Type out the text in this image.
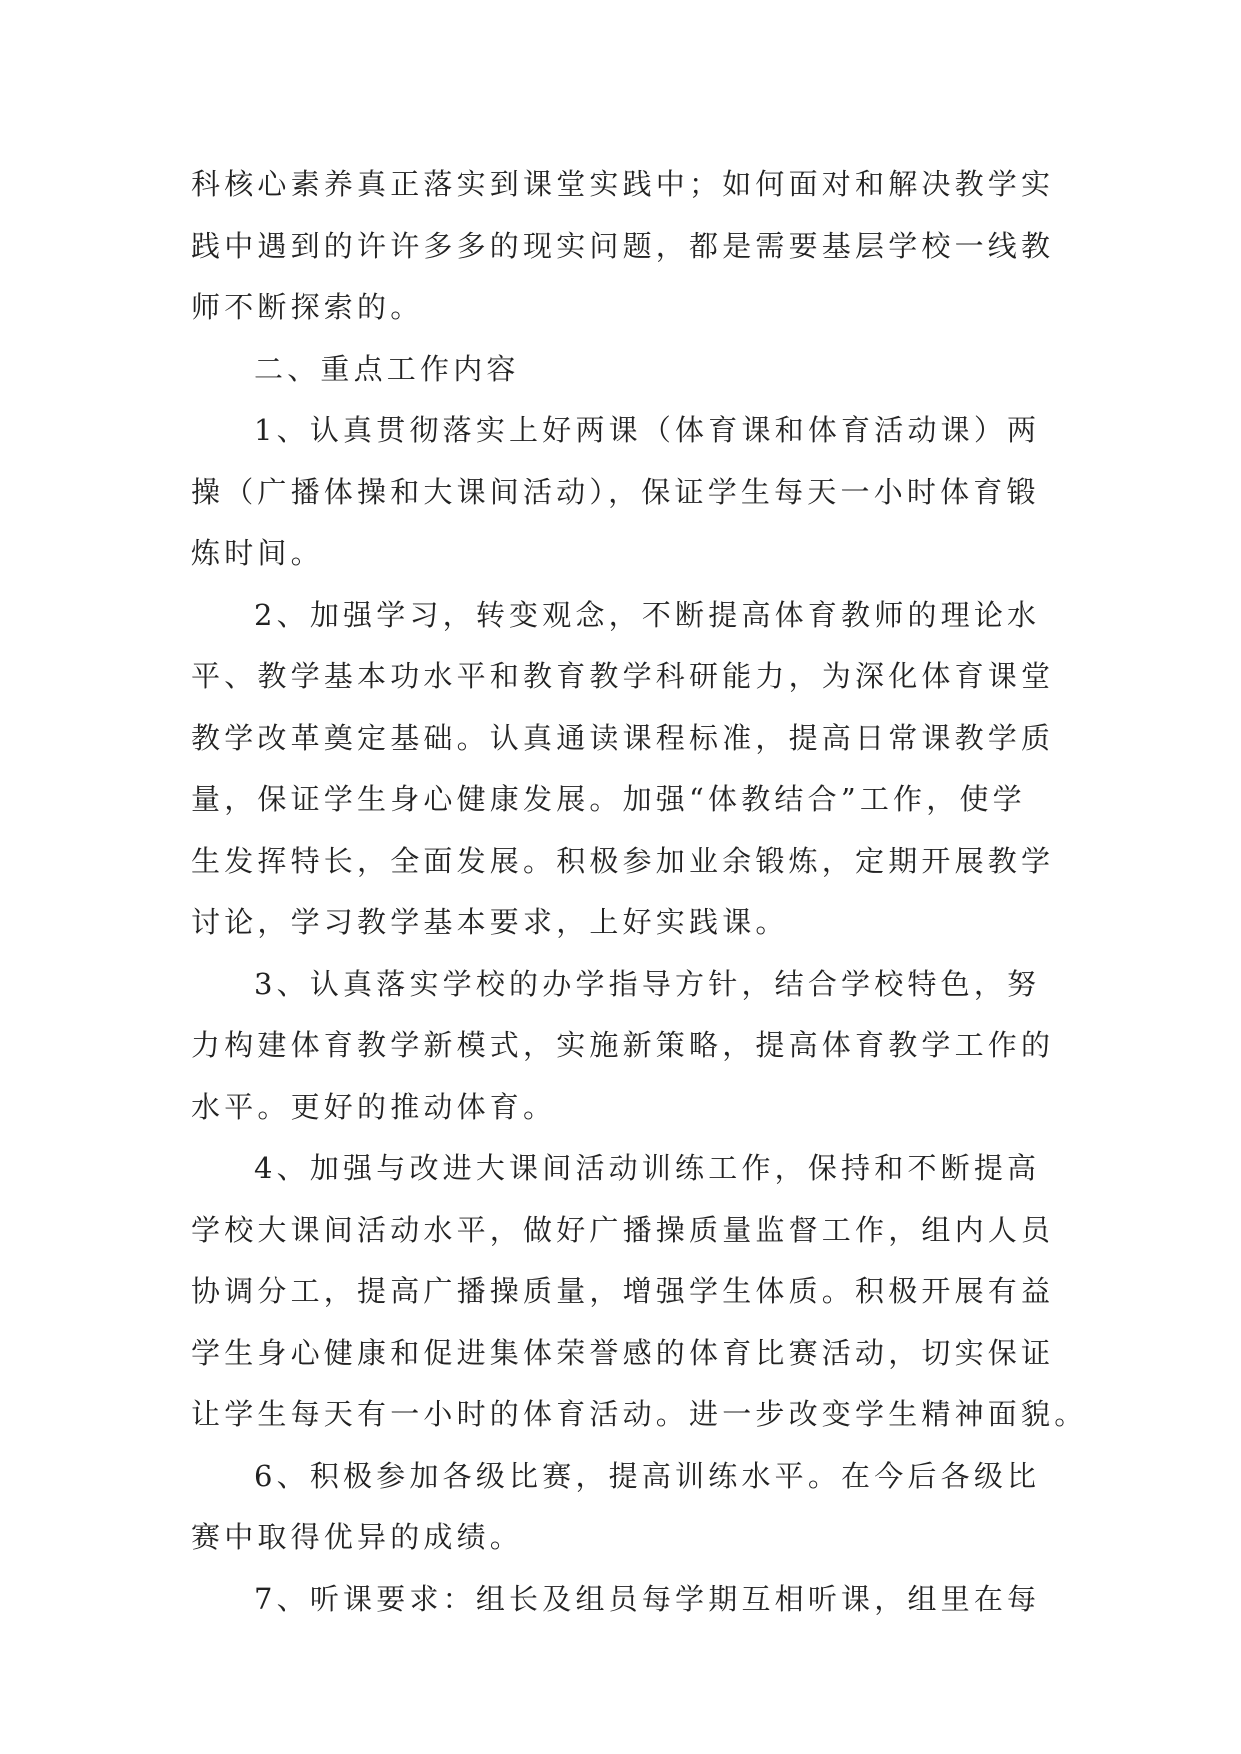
科核心素养真正落实到课堂实践中；如何面对和解决教学实
践中遇到的许许多多的现实问题，都是需要基层学校一线教
师不断探索的。
二、重点工作内容
1、认真贯彻落实上好两课（体育课和体育活动课）两
操（广播体操和大课间活动），保证学生每天一小时体育锻
炼时间。
2、加强学习，转变观念，不断提高体育教师的理论水
平、教学基本功水平和教育教学科研能力，为深化体育课堂
教学改革奠定基础。认真通读课程标准，提高日常课教学质
量，保证学生身心健康发展。加强“体教结合”工作，使学
生发挥特长，全面发展。积极参加业余锻炼，定期开展教学
讨论，学习教学基本要求，上好实践课。
3、认真落实学校的办学指导方针，结合学校特色，努
力构建体育教学新模式，实施新策略，提高体育教学工作的
水平。更好的推动体育。
4、加强与改进大课间活动训练工作，保持和不断提高
学校大课间活动水平，做好广播操质量监督工作，组内人员
协调分工，提高广播操质量，增强学生体质。积极开展有益
学生身心健康和促进集体荣誉感的体育比赛活动，切实保证
让学生每天有一小时的体育活动。进一步改变学生精神面貌。
6、积极参加各级比赛，提高训练水平。在今后各级比
赛中取得优异的成绩。
7、听课要求：组长及组员每学期互相听课，组里在每
